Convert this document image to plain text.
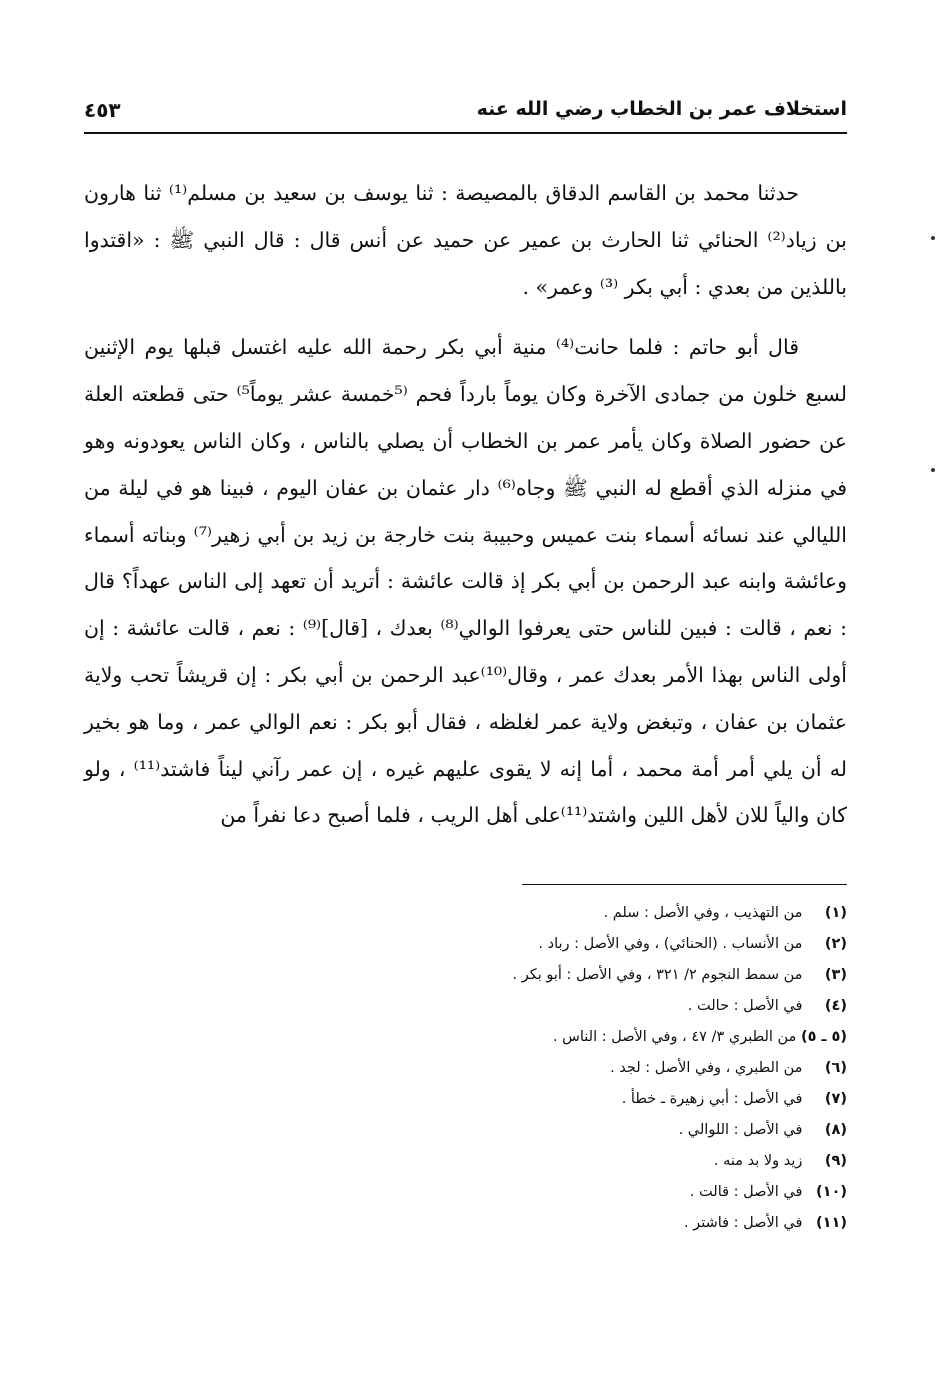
استخلاف عمر بن الخطاب رضي الله عنه
٤٥٣

حدثنا محمد بن القاسم الدقاق بالمصيصة : ثنا يوسف بن سعيد بن مسلم⁽¹⁾ ثنا هارون بن زياد⁽²⁾ الحنائي ثنا الحارث بن عمير عن حميد عن أنس قال : قال النبي ﷺ : «اقتدوا باللذين من بعدي : أبي بكر ⁽³⁾ وعمر» .

قال أبو حاتم : فلما حانت⁽⁴⁾ منية أبي بكر رحمة الله عليه اغتسل قبلها يوم الإثنين لسبع خلون من جمادى الآخرة وكان يوماً بارداً فحم ⁽⁵خمسة عشر يوماً⁵⁾ حتى قطعته العلة عن حضور الصلاة وكان يأمر عمر بن الخطاب أن يصلي بالناس ، وكان الناس يعودونه وهو في منزله الذي أقطع له النبي ﷺ وجاه⁽⁶⁾ دار عثمان بن عفان اليوم ، فبينا هو في ليلة من الليالي عند نسائه أسماء بنت عميس وحبيبة بنت خارجة بن زيد بن أبي زهير⁽⁷⁾ وبناته أسماء وعائشة وابنه عبد الرحمن بن أبي بكر إذ قالت عائشة : أتريد أن تعهد إلى الناس عهداً؟ قال : نعم ، قالت : فبين للناس حتى يعرفوا الوالي⁽⁸⁾ بعدك ، [قال]⁽⁹⁾ : نعم ، قالت عائشة : إن أولى الناس بهذا الأمر بعدك عمر ، وقال⁽¹⁰⁾عبد الرحمن بن أبي بكر : إن قريشاً تحب ولاية عثمان بن عفان ، وتبغض ولاية عمر لغلظه ، فقال أبو بكر : نعم الوالي عمر ، وما هو بخير له أن يلي أمر أمة محمد ، أما إنه لا يقوى عليهم غيره ، إن عمر رآني ليناً فاشتد⁽¹¹⁾ ، ولو كان والياً للان لأهل اللين واشتد⁽¹¹⁾على أهل الريب ، فلما أصبح دعا نفراً من

(١) من التهذيب ، وفي الأصل : سلم .
(٢) من الأنساب . (الحنائي) ، وفي الأصل : رباد .
(٣) من سمط النجوم ٢/ ٣٢١ ، وفي الأصل : أبو بكر .
(٤) في الأصل : حالت .
(٥ ـ ٥) من الطبري ٣/ ٤٧ ، وفي الأصل : الناس .
(٦) من الطبري ، وفي الأصل : لجد .
(٧) في الأصل : أبي زهيرة ـ خطأ .
(٨) في الأصل : اللوالي .
(٩) زيد ولا بد منه .
(١٠) في الأصل : قالت .
(١١) في الأصل : فاشتر .
